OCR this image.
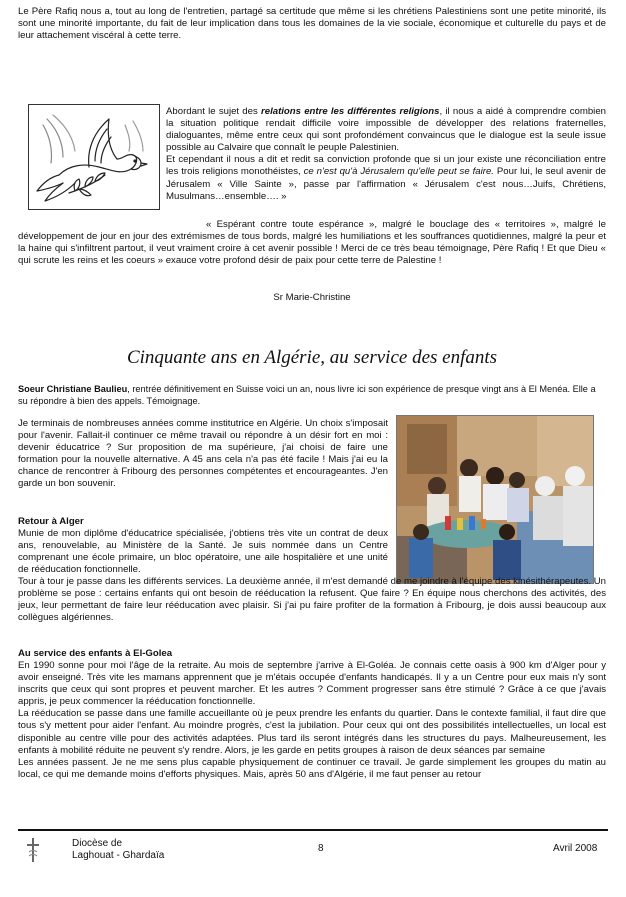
Le Père Rafiq nous a, tout au long de l'entretien, partagé sa certitude que même si les chrétiens Palestiniens sont une petite minorité, ils sont une minorité importante, du fait de leur implication dans tous les domaines de la vie sociale, économique et culturelle du pays et de leur attachement viscéral à cette terre.

Abordant le sujet des relations entre les différentes religions, il nous a aidé à comprendre combien la situation politique rendait difficile voire impossible de développer des relations fraternelles, dialoguantes, même entre ceux qui sont profondément convaincus que le dialogue est la seule issue possible au Calvaire que connaît le peuple Palestinien.
Et cependant il nous a dit et redit sa conviction profonde que si un jour existe une réconciliation entre les trois religions monothéistes, ce n'est qu'à Jérusalem qu'elle peut se faire. Pour lui, le seul avenir de Jérusalem « Ville Sainte », passe par l'affirmation « Jérusalem c'est nous…Juifs, Chrétiens, Musulmans…ensemble…. »

« Espérant contre toute espérance », malgré le bouclage des « territoires », malgré le développement de jour en jour des extrémismes de tous bords, malgré les humiliations et les souffrances quotidiennes, malgré la peur et la haine qui s'infiltrent partout, il veut vraiment croire à cet avenir possible ! Merci de ce très beau témoignage, Père Rafiq ! Et que Dieu « qui scrute les reins et les coeurs » exauce votre profond désir de paix pour cette terre de Palestine !

Sr Marie-Christine

Cinquante ans en Algérie, au service des enfants

Soeur Christiane Baulieu, rentrée définitivement en Suisse voici un an, nous livre ici son expérience de presque vingt ans à El Menéa. Elle a su répondre à bien des appels. Témoignage.

Je terminais de nombreuses années comme institutrice en Algérie. Un choix s'imposait pour l'avenir. Fallait-il continuer ce même travail ou répondre à un désir fort en moi : devenir éducatrice ? Sur proposition de ma supérieure, j'ai choisi de faire une formation pour la nouvelle alternative. A 45 ans cela n'a pas été facile ! Mais j'ai eu la chance de rencontrer à Fribourg des personnes compétentes et encourageantes. J'en garde un bon souvenir.

Retour à Alger

Munie de mon diplôme d'éducatrice spécialisée, j'obtiens très vite un contrat de deux ans, renouvelable, au Ministère de la Santé. Je suis nommée dans un Centre comprenant une école primaire, un bloc opératoire, une aile hospitalière et une unité de rééducation fonctionnelle.

Tour à tour je passe dans les différents services. La deuxième année, il m'est demandé de me joindre à l'équipe des kinésithérapeutes. Un problème se pose : certains enfants qui ont besoin de rééducation la refusent. Que faire ? En équipe nous cherchons des activités, des jeux, leur permettant de faire leur rééducation avec plaisir. Si j'ai pu faire profiter de la formation à Fribourg, je dois aussi beaucoup aux collègues algériennes.

Au service des enfants à El-Golea

En 1990 sonne pour moi l'âge de la retraite. Au mois de septembre j'arrive à El-Goléa. Je connais cette oasis à 900 km d'Alger pour y avoir enseigné. Très vite les mamans apprennent que je m'étais occupée d'enfants handicapés. Il y a un Centre pour eux mais n'y sont inscrits que ceux qui sont propres et peuvent marcher. Et les autres ? Comment progresser sans être stimulé ? Grâce à ce que j'avais appris, je peux commencer la rééducation fonctionnelle.
La rééducation se passe dans une famille accueillante où je peux prendre les enfants du quartier. Dans le contexte familial, il faut dire que tous s'y mettent pour aider l'enfant. Au moindre progrès, c'est la jubilation. Pour ceux qui ont des possibilités intellectuelles, un local est disponible au centre ville pour des activités adaptées. Plus tard ils seront intégrés dans les structures du pays. Malheureusement, les enfants à mobilité réduite ne peuvent s'y rendre. Alors, je les garde en petits groupes à raison de deux séances par semaine
Les années passent. Je ne me sens plus capable physiquement de continuer ce travail. Je garde simplement les groupes du matin au local, ce qui me demande moins d'efforts physiques. Mais, après 50 ans d'Algérie, il me faut penser au retour
Diocèse de
Laghouat - Ghardaïa
8	Avril 2008
